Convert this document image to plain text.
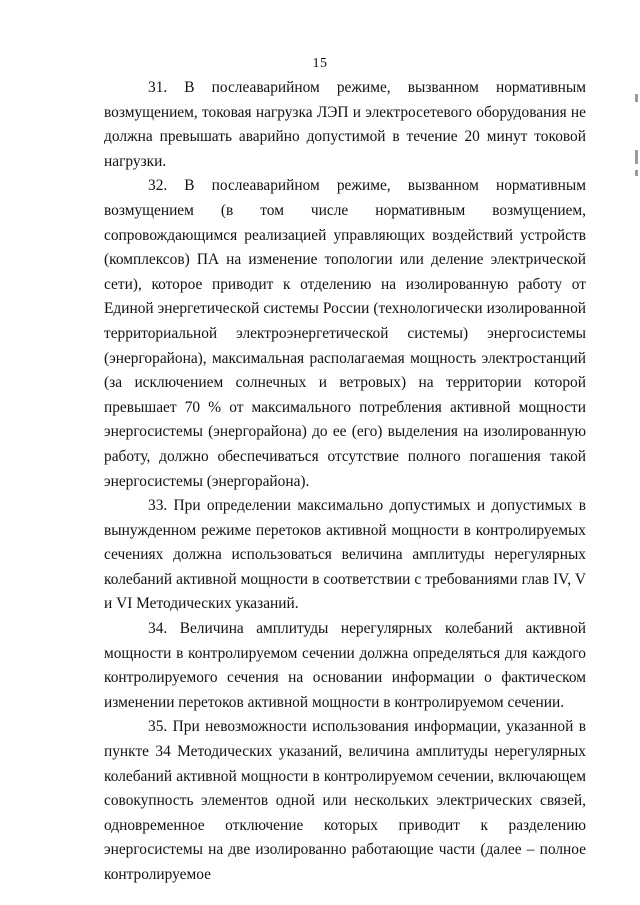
15

31. В послеаварийном режиме, вызванном нормативным возмущением, токовая нагрузка ЛЭП и электросетевого оборудования не должна превышать аварийно допустимой в течение 20 минут токовой нагрузки.

32. В послеаварийном режиме, вызванном нормативным возмущением (в том числе нормативным возмущением, сопровождающимся реализацией управляющих воздействий устройств (комплексов) ПА на изменение топологии или деление электрической сети), которое приводит к отделению на изолированную работу от Единой энергетической системы России (технологически изолированной территориальной электроэнергетической системы) энергосистемы (энергорайона), максимальная располагаемая мощность электростанций (за исключением солнечных и ветровых) на территории которой превышает 70 % от максимального потребления активной мощности энергосистемы (энергорайона) до ее (его) выделения на изолированную работу, должно обеспечиваться отсутствие полного погашения такой энергосистемы (энергорайона).

33. При определении максимально допустимых и допустимых в вынужденном режиме перетоков активной мощности в контролируемых сечениях должна использоваться величина амплитуды нерегулярных колебаний активной мощности в соответствии с требованиями глав IV, V и VI Методических указаний.

34. Величина амплитуды нерегулярных колебаний активной мощности в контролируемом сечении должна определяться для каждого контролируемого сечения на основании информации о фактическом изменении перетоков активной мощности в контролируемом сечении.

35. При невозможности использования информации, указанной в пункте 34 Методических указаний, величина амплитуды нерегулярных колебаний активной мощности в контролируемом сечении, включающем совокупность элементов одной или нескольких электрических связей, одновременное отключение которых приводит к разделению энергосистемы на две изолированно работающие части (далее – полное контролируемое
